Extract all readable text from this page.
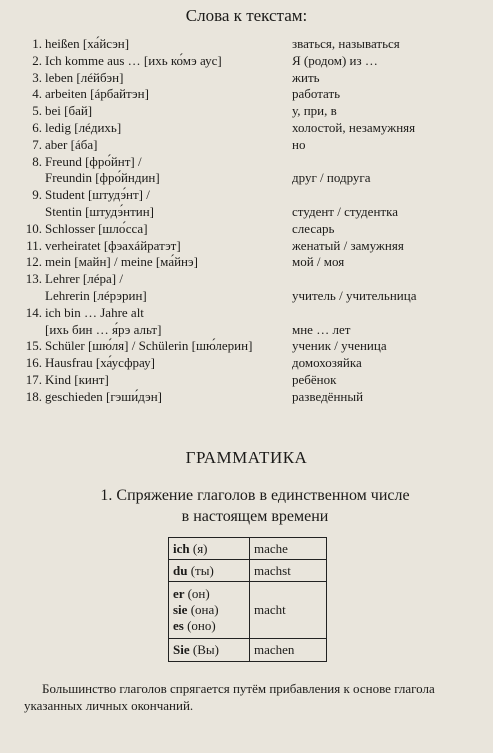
Слова к текстам:
1. heißen [ха́йсэн]	зваться, называться
2. Ich komme aus … [ихь ко́мэ аус]	Я (родом) из …
3. leben [лéйбэн]	жить
4. arbeiten [áрбайтэн]	работать
5. bei [бай]	у, при, в
6. ledig [лéдихь]	холостой, незамужняя
7. aber [áба]	но
8. Freund [фро́йнт] /
Freundin [фро́йндин]	друг / подруга
9. Student [штудэ́нт] /
Stentin [штудэ́нтин]	студент / студентка
10. Schlosser [шло́сса]	слесарь
11. verheiratet [фэахáйратэт]	женатый / замужняя
12. mein [майн] / meine [ма́йнэ]	мой / моя
13. Lehrer [лéра] /
Lehrerin [лéрэрин]	учитель / учительница
14. ich bin … Jahre alt
[ихь бин … я́рэ альт]	мне … лет
15. Schüler [шю́ля] / Schülerin [шю́лерин]	ученик / ученица
16. Hausfrau [ха́усфрау]	домохозяйка
17. Kind [кинт]	ребёнок
18. geschieden [гэши́дэн]	разведённый
ГРАММАТИКА
1. Спряжение глаголов в единственном числе
в настоящем времени
ich (я)	mache

du (ты)	machst

er (он)
sie (она)
es (оно)	macht

Sie (Вы)	machen
Большинство глаголов спрягается путём прибавления к основе глагола указанных личных окончаний.
